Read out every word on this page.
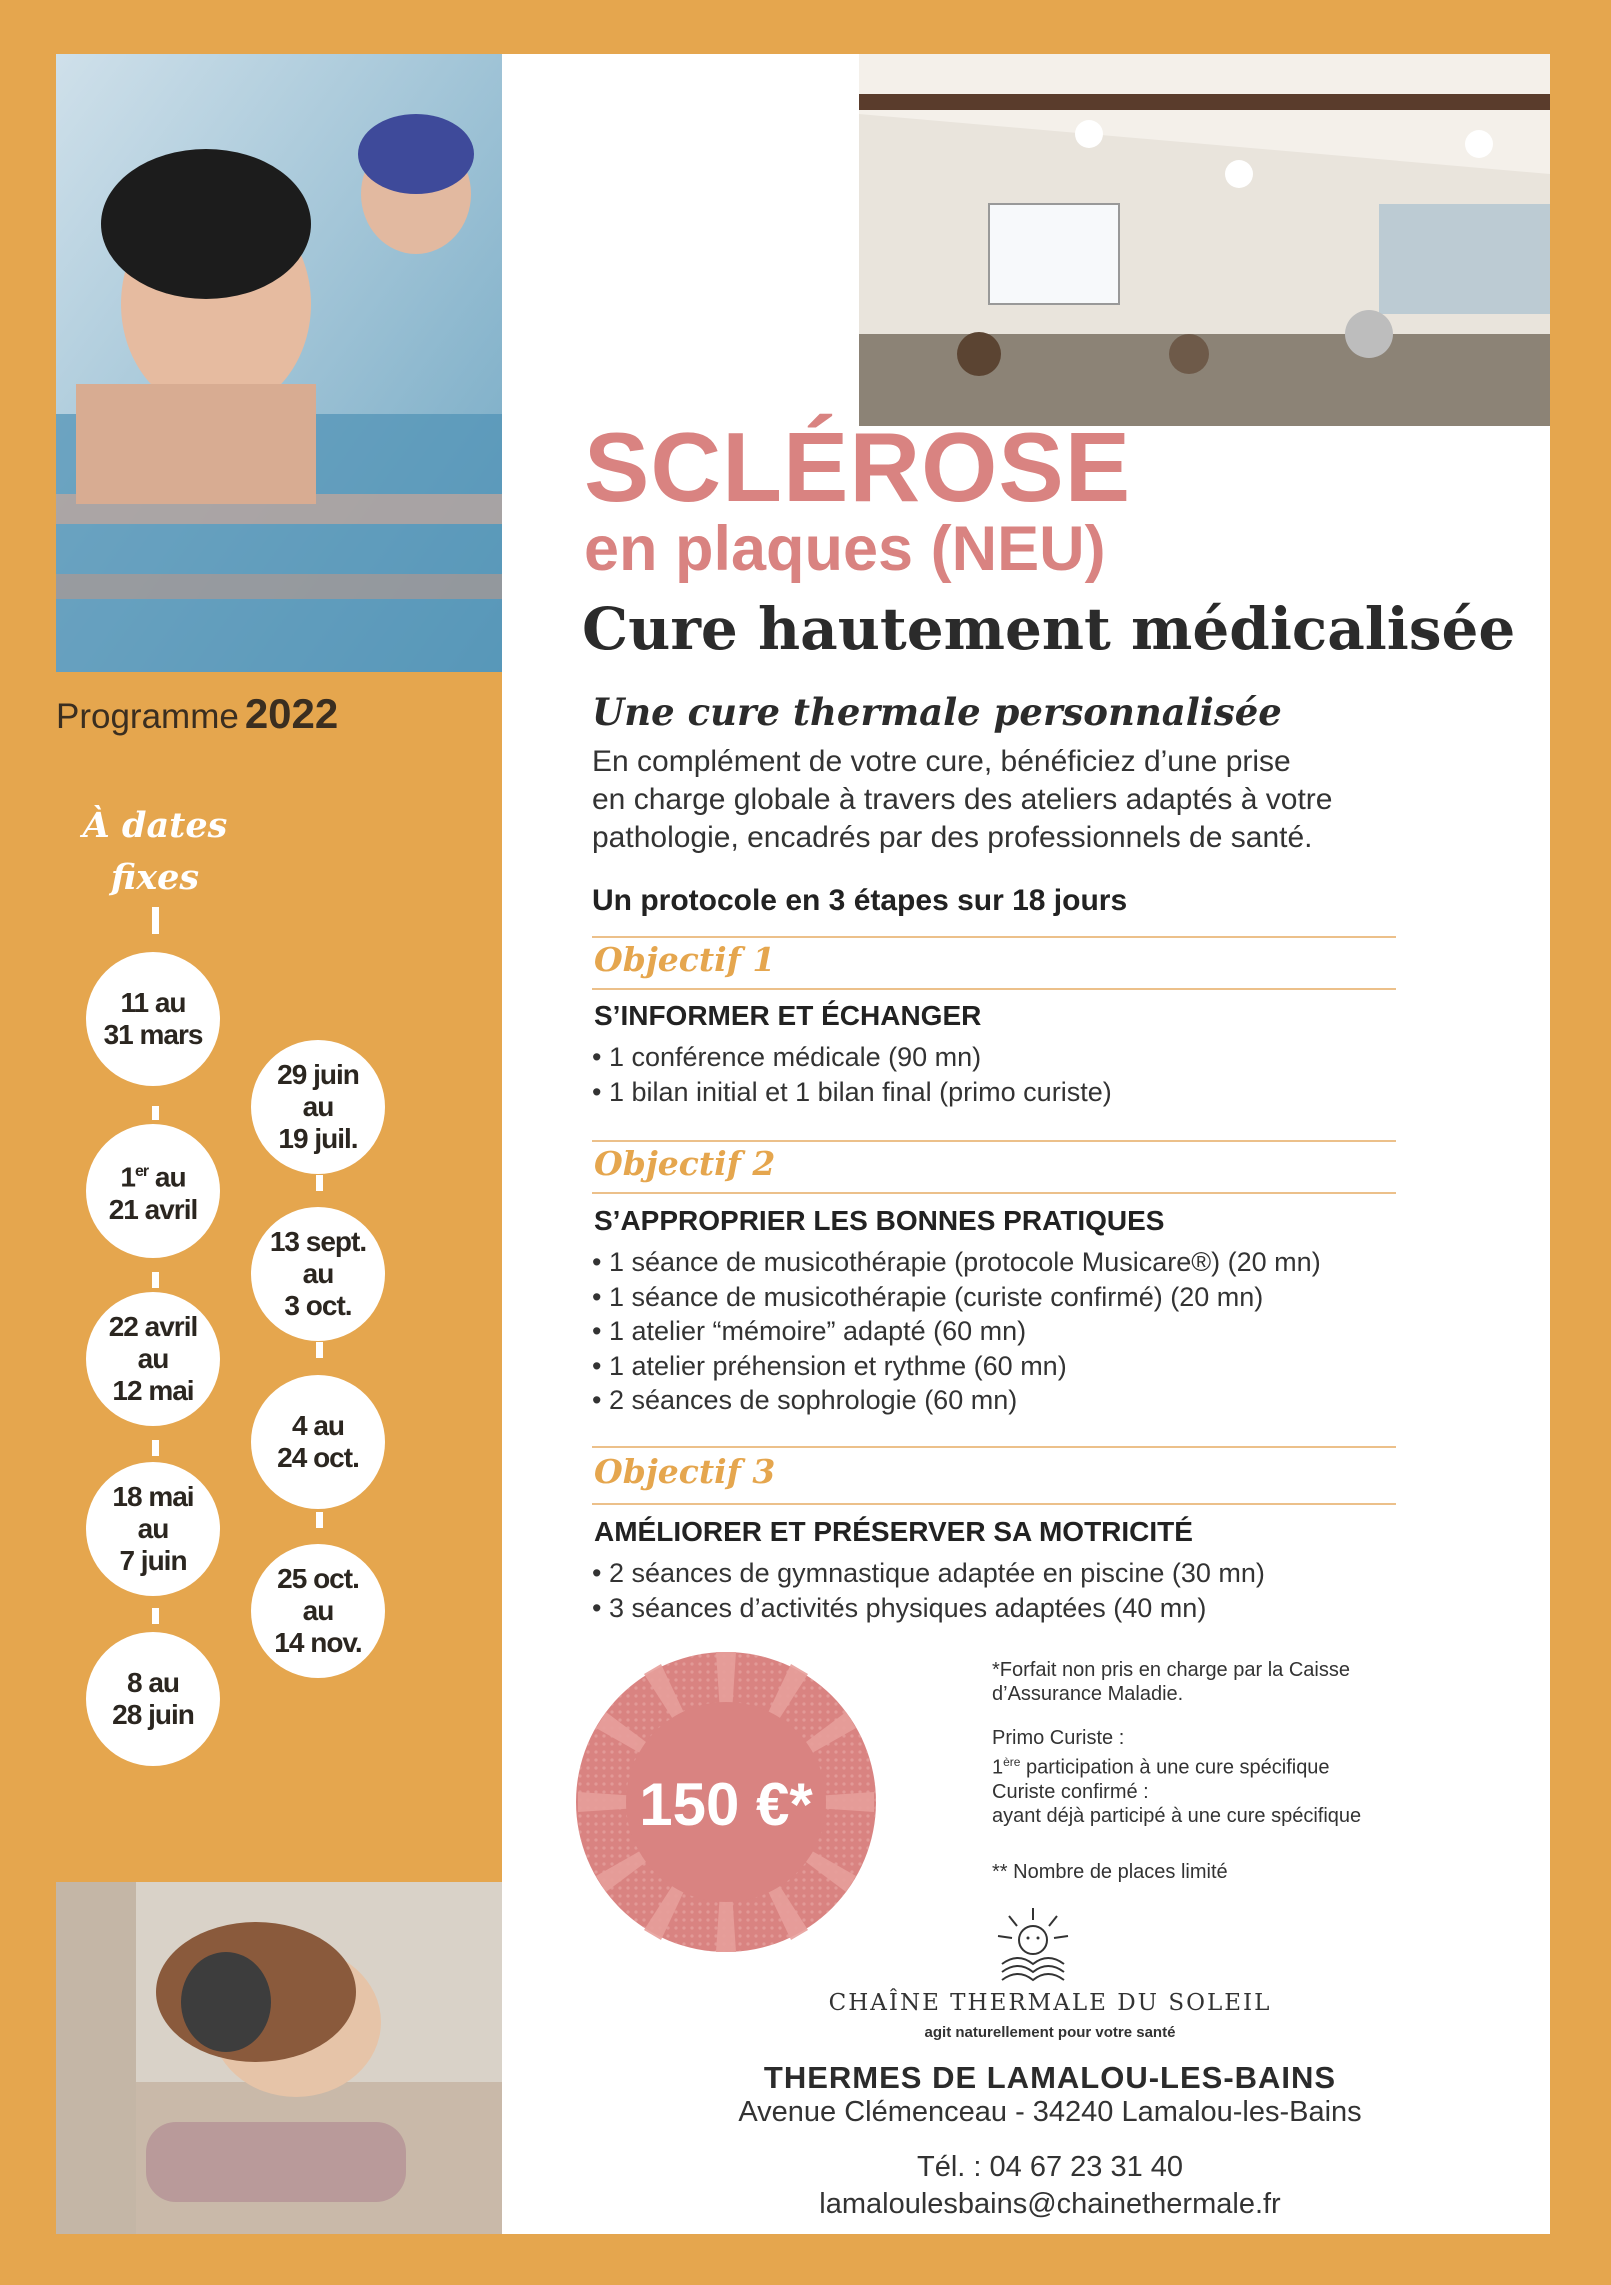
Programme 2022
À dates
fixes
11 au
31 mars
1er au
21 avril
22 avril
au
12 mai
18 mai
au
7 juin
8 au
28 juin
29 juin
au
19 juil.
13 sept.
au
3 oct.
4 au
24 oct.
25 oct.
au
14 nov.
SCLÉROSE
en plaques (NEU)
Cure hautement médicalisée
Une cure thermale personnalisée
En complément de votre cure, bénéficiez d’une prise
en charge globale à travers des ateliers adaptés à votre
pathologie, encadrés par des professionnels de santé.
Un protocole en 3 étapes sur 18 jours
Objectif 1
S’INFORMER ET ÉCHANGER
• 1 conférence médicale (90 mn)
• 1 bilan initial et 1 bilan final (primo curiste)
Objectif 2
S’APPROPRIER LES BONNES PRATIQUES
• 1 séance de musicothérapie (protocole Musicare®) (20 mn)
• 1 séance de musicothérapie (curiste confirmé) (20 mn)
• 1 atelier “mémoire” adapté (60 mn)
• 1 atelier préhension et rythme (60 mn)
• 2 séances de sophrologie (60 mn)
Objectif 3
AMÉLIORER ET PRÉSERVER SA MOTRICITÉ
• 2 séances de gymnastique adaptée en piscine (30 mn)
• 3 séances d’activités physiques adaptées (40 mn)
150 €*
*Forfait non pris en charge par la Caisse
d’Assurance Maladie.
Primo Curiste :
1ère participation à une cure spécifique
Curiste confirmé :
ayant déjà participé à une cure spécifique
** Nombre de places limité
CHAÎNE THERMALE DU SOLEIL
agit naturellement pour votre santé
THERMES DE LAMALOU-LES-BAINS
Avenue Clémenceau - 34240 Lamalou-les-Bains
Tél. : 04 67 23 31 40
lamaloulesbains@chainethermale.fr
